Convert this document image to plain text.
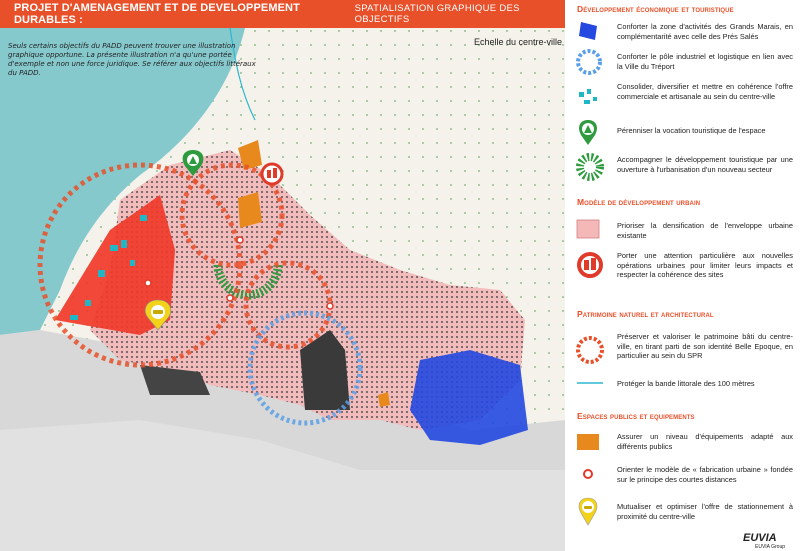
PROJET D'AMENAGEMENT ET DE DEVELOPPEMENT DURABLES :
SPATIALISATION GRAPHIQUE DES OBJECTIFS
Seuls certains objectifs du PADD peuvent trouver une illustration graphique opportune. La présente illustration n'a qu'une portée d'exemple et non une force juridique. Se référer aux objectifs littéraux du PADD.
Echelle du centre-ville
Développement économique et touristique
Conforter la zone d'activités des Grands Marais, en complémentarité avec celle des Prés Salés
Conforter le pôle industriel et logistique en lien avec la Ville du Tréport
Consolider, diversifier et mettre en cohérence l'offre commerciale et artisanale au sein du centre-ville
Pérenniser la vocation touristique de l'espace
Accompagner le développement touristique par une ouverture à l'urbanisation d'un nouveau secteur
Modèle de développement urbain
Prioriser la densification de l'enveloppe urbaine existante
Porter une attention particulière aux nouvelles opérations urbaines pour limiter leurs impacts et respecter la cohérence des sites
Patrimoine naturel et architectural
Préserver et valoriser le patrimoine bâti du centre-ville, en tirant parti de son identité Belle Epoque, en particulier au sein du SPR
Protéger la bande littorale des 100 mètres
Espaces publics et equipements
Assurer un niveau d'équipements adapté aux différents publics
Orienter le modèle de « fabrication urbaine » fondée sur le principe des courtes distances
Mutualiser et optimiser l'offre de stationnement à proximité du centre-ville
EUVIA
EUVIA Group
